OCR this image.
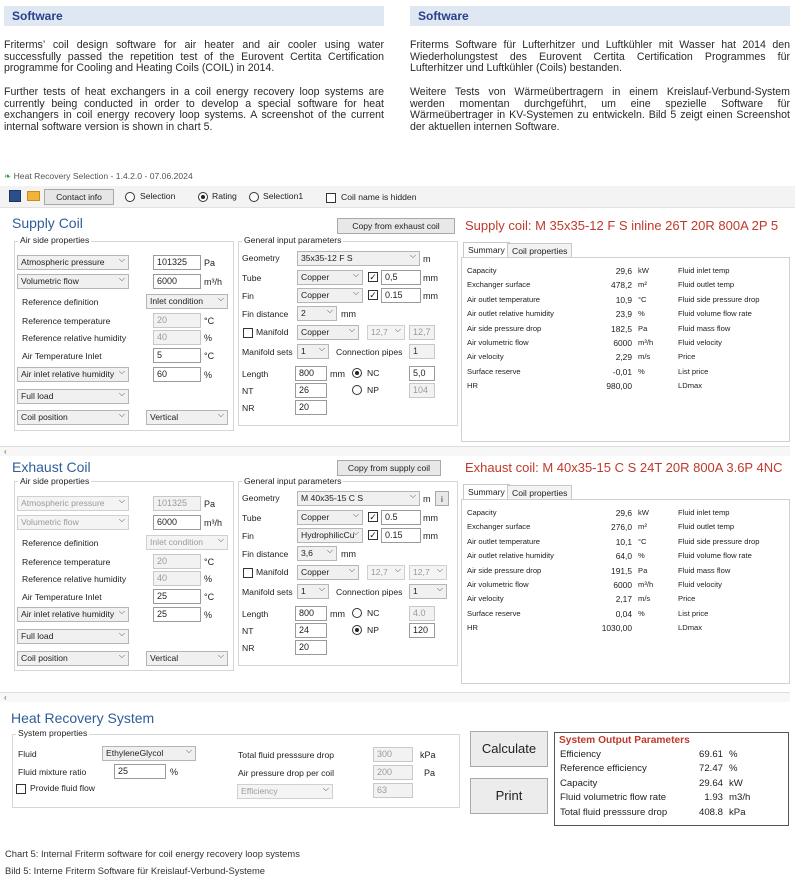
Software	Software

Friterms’ coil design software for air heater and air cooler using water successfully passed the repetition test of the Eurovent Certita Certification programme for Cooling and Heating Coils (COIL) in 2014.

Further tests of heat exchangers in a coil energy recovery loop systems are currently being conducted in order to develop a special software for heat exchangers in coil energy recovery loop systems. A screenshot of the current internal software version is shown in chart 5.

Friterms Software für Lufterhitzer und Luftkühler mit Wasser hat 2014 den Wiederholungstest des Eurovent Certita Certification Programmes für Lufterhitzer und Luftkühler (Coils) bestanden.

Weitere Tests von Wärmeübertragern in einem Kreislauf-Verbund-System werden momentan durchgeführt, um eine spezielle Software für Wärmeübertrager in KV-Systemen zu entwickeln. Bild 5 zeigt einen Screenshot der aktuellen internen Software.

❧ Heat Recovery Selection - 1.4.2.0 - 07.06.2024
Contact info	Selection	Rating	Selection1	Coil name is hidden
Supply Coil	Copy from exhaust coil	Supply coil: M 35x35-12 F S inline 26T 20R 800A 2P 5
Air side properties
Atmospheric pressure ⌵	101325	Pa
Volumetric flow ⌵	6000	m³/h
Reference definition	Inlet condition ⌵
Reference temperature	20	°C
Reference relative humidity	40	%
Air Temperature Inlet	5	°C
Air inlet relative humidity ⌵	60	%
Full load ⌵
Coil position ⌵	Vertical ⌵
General input parameters
Geometry	35x35-12 F S ⌵	m
Tube	Copper ⌵	✓ 0,5	mm
Fin	Copper ⌵	✓ 0.15	mm
Fin distance	2 ⌵	mm
Manifold	Copper ⌵	12,7 ⌵	12,7
Manifold sets 1 ⌵	Connection pipes	1
Length	800	mm	NC	5,0
NT	26	NP	104
NR	20
Summary Coil properties
Capacity	29,6 kW	Fluid inlet temp
Exchanger surface	478,2 m²	Fluid outlet temp
Air outlet temperature	10,9 °C	Fluid side pressure drop
Air outlet relative humidity	23,9 %	Fluid volume flow rate
Air side pressure drop	182,5 Pa	Fluid mass flow
Air volumetric flow	6000 m³/h	Fluid velocity
Air velocity	2,29 m/s	Price
Surface reserve	-0,01 %	List price
HR	980,00	LDmax
‹
Exhaust Coil	Copy from supply coil	Exhaust coil: M 40x35-15 C S 24T 20R 800A 3.6P 4NC
Air side properties
Atmospheric pressure ⌵	101325	Pa
Volumetric flow ⌵	6000	m³/h
Reference definition	Inlet condition ⌵
Reference temperature	20	°C
Reference relative humidity	40	%
Air Temperature Inlet	25	°C
Air inlet relative humidity ⌵	25	%
Full load ⌵
Coil position ⌵	Vertical ⌵
General input parameters
Geometry	M 40x35-15 C S ⌵	m	i
Tube	Copper ⌵	✓ 0.5	mm
Fin	HydrophilicCu ⌵	✓ 0.15	mm
Fin distance	3,6 ⌵	mm
Manifold	Copper ⌵	12,7 ⌵	12,7 ⌵
Manifold sets 1 ⌵	Connection pipes	1 ⌵
Length	800	mm	NC	4.0
NT	24	NP	120
NR	20
Summary Coil properties
Capacity	29,6 kW	Fluid inlet temp
Exchanger surface	276,0 m²	Fluid outlet temp
Air outlet temperature	10,1 °C	Fluid side pressure drop
Air outlet relative humidity	64,0 %	Fluid volume flow rate
Air side pressure drop	191,5 Pa	Fluid mass flow
Air volumetric flow	6000 m³/h	Fluid velocity
Air velocity	2,17 m/s	Price
Surface reserve	0,04 %	List price
HR	1030,00	LDmax
‹
Heat Recovery System
System properties
Fluid	EthyleneGlycol ⌵
Fluid mixture ratio	25	%
Provide fluid flow
Total fluid presssure drop	300	kPa
Air pressure drop per coil	200	Pa
Efficiency ⌵	63
Calculate
Print
System Output Parameters
Efficiency	69.61 %
Reference efficiency	72.47 %
Capacity	29.64 kW
Fluid volumetric flow rate	1.93 m3/h
Total fluid presssure drop	408.8 kPa
Chart 5: Internal Friterm software for coil energy recovery loop systems
Bild 5: Interne Friterm Software für Kreislauf-Verbund-Systeme
